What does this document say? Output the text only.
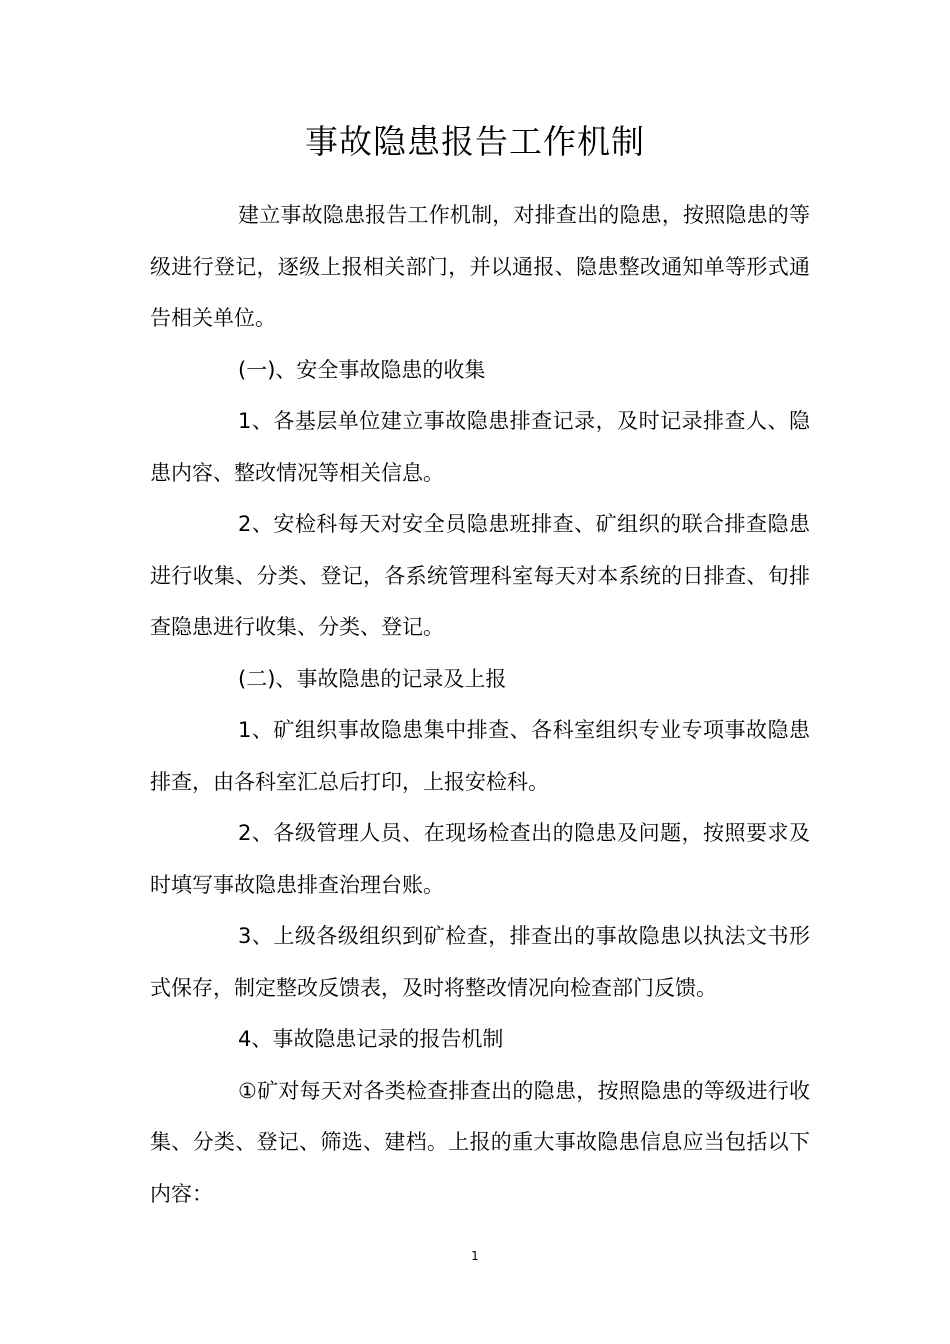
事故隐患报告工作机制

建立事故隐患报告工作机制，对排查出的隐患，按照隐患的等级进行登记，逐级上报相关部门，并以通报、隐患整改通知单等形式通告相关单位。

(一)、安全事故隐患的收集

1、各基层单位建立事故隐患排查记录，及时记录排查人、隐患内容、整改情况等相关信息。

2、安检科每天对安全员隐患班排查、矿组织的联合排查隐患进行收集、分类、登记，各系统管理科室每天对本系统的日排查、旬排查隐患进行收集、分类、登记。

(二)、事故隐患的记录及上报

1、矿组织事故隐患集中排查、各科室组织专业专项事故隐患排查，由各科室汇总后打印，上报安检科。

2、各级管理人员、在现场检查出的隐患及问题，按照要求及时填写事故隐患排查治理台账。

3、上级各级组织到矿检查，排查出的事故隐患以执法文书形式保存，制定整改反馈表，及时将整改情况向检查部门反馈。

4、事故隐患记录的报告机制

①矿对每天对各类检查排查出的隐患，按照隐患的等级进行收集、分类、登记、筛选、建档。上报的重大事故隐患信息应当包括以下内容：

1
